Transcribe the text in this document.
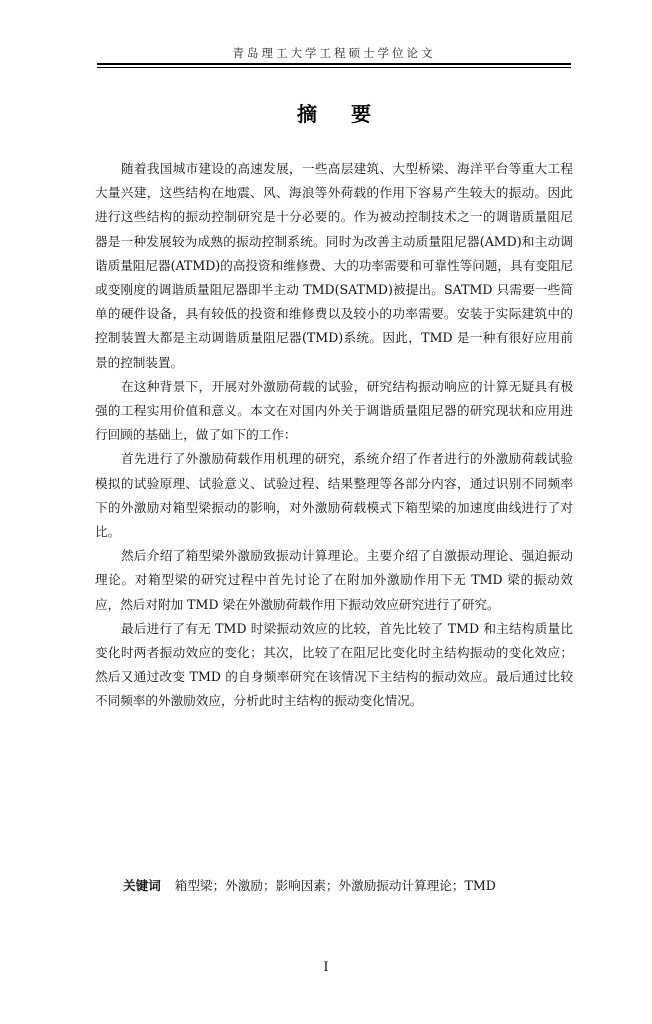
青岛理工大学工程硕士学位论文
摘要

随着我国城市建设的高速发展，一些高层建筑、大型桥梁、海洋平台等重大工程大量兴建，这些结构在地震、风、海浪等外荷载的作用下容易产生较大的振动。因此进行这些结构的振动控制研究是十分必要的。作为被动控制技术之一的调谐质量阻尼器是一种发展较为成熟的振动控制系统。同时为改善主动质量阻尼器(AMD)和主动调谐质量阻尼器(ATMD)的高投资和维修费、大的功率需要和可靠性等问题，具有变阻尼或变刚度的调谐质量阻尼器即半主动 TMD(SATMD)被提出。SATMD 只需要一些简单的硬件设备，具有较低的投资和维修费以及较小的功率需要。安装于实际建筑中的控制装置大都是主动调谐质量阻尼器(TMD)系统。因此，TMD 是一种有很好应用前景的控制装置。

在这种背景下，开展对外激励荷载的试验，研究结构振动响应的计算无疑具有极强的工程实用价值和意义。本文在对国内外关于调谐质量阻尼器的研究现状和应用进行回顾的基础上，做了如下的工作：

首先进行了外激励荷载作用机理的研究，系统介绍了作者进行的外激励荷载试验模拟的试验原理、试验意义、试验过程、结果整理等各部分内容，通过识别不同频率下的外激励对箱型梁振动的影响，对外激励荷载模式下箱型梁的加速度曲线进行了对比。

然后介绍了箱型梁外激励致振动计算理论。主要介绍了自激振动理论、强迫振动理论。对箱型梁的研究过程中首先讨论了在附加外激励作用下无 TMD 梁的振动效应，然后对附加 TMD 梁在外激励荷载作用下振动效应研究进行了研究。

最后进行了有无 TMD 时梁振动效应的比较，首先比较了 TMD 和主结构质量比变化时两者振动效应的变化；其次，比较了在阻尼比变化时主结构振动的变化效应；然后又通过改变 TMD 的自身频率研究在该情况下主结构的振动效应。最后通过比较不同频率的外激励效应，分析此时主结构的振动变化情况。

关键词 箱型梁；外激励；影响因素；外激励振动计算理论；TMD
I
